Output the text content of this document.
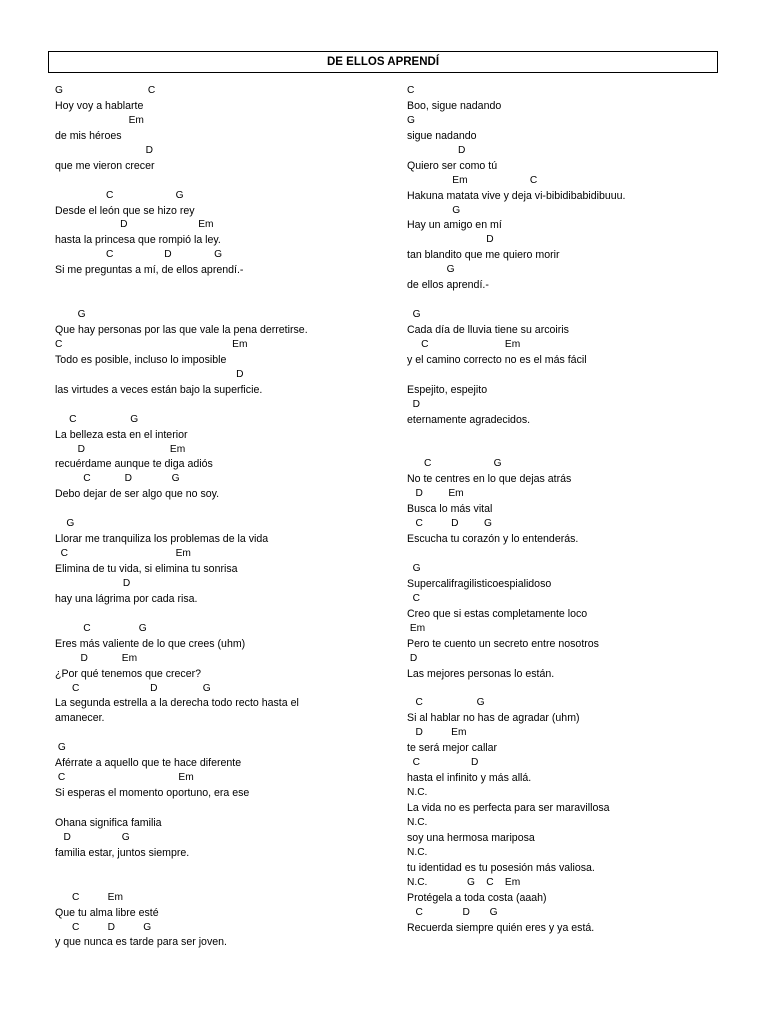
DE ELLOS APRENDÍ
G                              C
Hoy voy a hablarte
Em
de mis héroes
D
que me vieron crecer
C                      G
Desde el león que se hizo rey
D                         Em
hasta la princesa que rompió la ley.
C                  D               G
Si me preguntas a mí, de ellos aprendí.-
G
Que hay personas por las que vale la pena derretirse.
C                                                            Em
Todo es posible, incluso lo imposible
D
las virtudes a veces están bajo la superficie.
C                   G
La belleza esta en el interior
D                              Em
recuérdame aunque te diga adiós
C            D              G
Debo dejar de ser algo que no soy.
G
Llorar me tranquiliza los problemas de la vida
C                                      Em
Elimina de tu vida, si elimina tu sonrisa
D
hay una lágrima por cada risa.
C                 G
Eres más valiente de lo que crees (uhm)
D            Em
¿Por qué tenemos que crecer?
C                         D                G
La segunda estrella a la derecha todo recto hasta el
amanecer.
G
Aférrate a aquello que te hace diferente
C                                        Em
Si esperas el momento oportuno, era ese
Ohana significa familia
D                  G
familia estar, juntos siempre.
C          Em
Que tu alma libre esté
C          D          G
y que nunca es tarde para ser joven.
C
Boo, sigue nadando
G
sigue nadando
D
Quiero ser como tú
Em                      C
Hakuna matata vive y deja vi-bibidibabidibuuu.
G
Hay un amigo en mí
D
tan blandito que me quiero morir
G
de ellos aprendí.-
G
Cada día de lluvia tiene su arcoiris
C                           Em
y el camino correcto no es el más fácil
Espejito, espejito
D
eternamente agradecidos.
C                      G
No te centres en lo que dejas atrás
D         Em
Busca lo más vital
C          D         G
Escucha tu corazón y lo entenderás.
G
Supercalifragilisticoespialidoso
C
Creo que si estas completamente loco
Em
Pero te cuento un secreto entre nosotros
D
Las mejores personas lo están.
C                   G
Si al hablar no has de agradar (uhm)
D          Em
te será mejor callar
C                  D
hasta el infinito y más allá.
N.C.
La vida no es perfecta para ser maravillosa
N.C.
soy una hermosa mariposa
N.C.
tu identidad es tu posesión más valiosa.
N.C.              G    C    Em
Protégela a toda costa (aaah)
C              D       G
Recuerda siempre quién eres y ya está.
